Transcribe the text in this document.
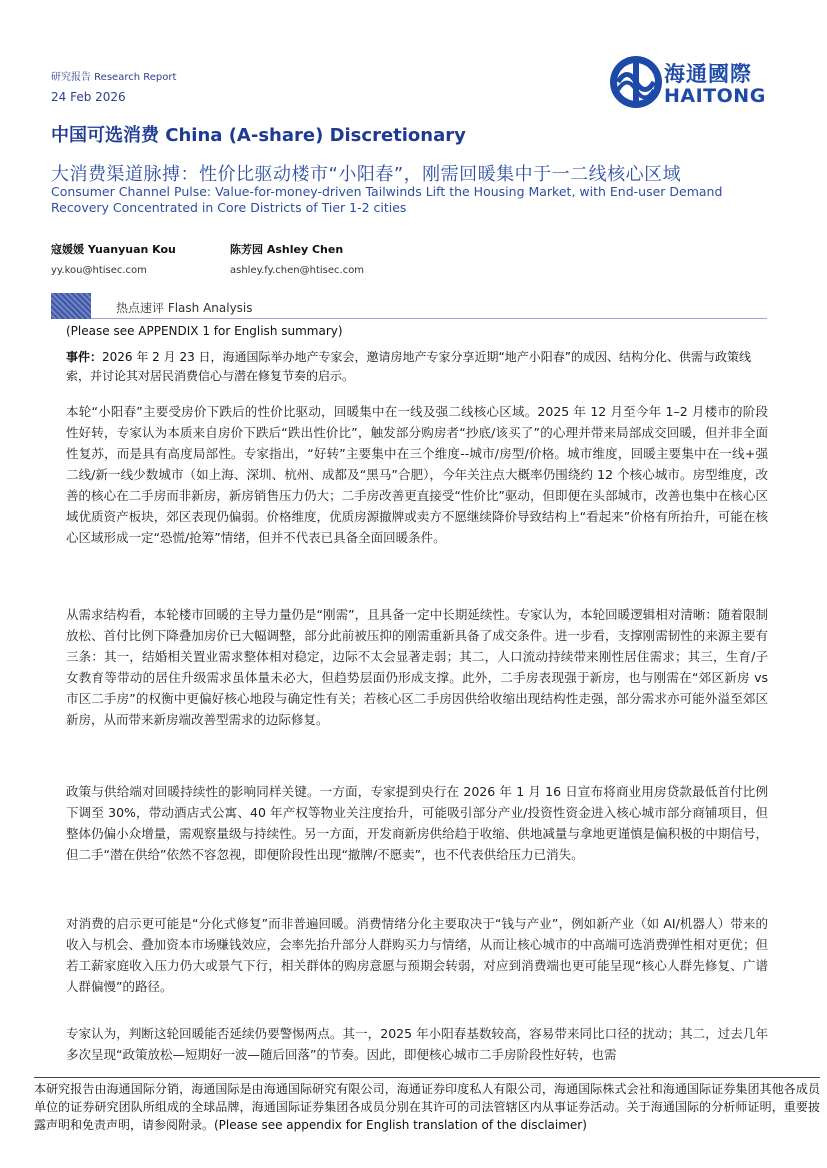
研究报告 Research Report
24 Feb 2026
海通國際
HAITONG
中国可选消费 China (A-share) Discretionary
大消费渠道脉搏：性价比驱动楼市“小阳春”，刚需回暖集中于一二线核心区域
Consumer Channel Pulse: Value-for-money-driven Tailwinds Lift the Housing Market, with End-user Demand Recovery Concentrated in Core Districts of Tier 1-2 cities
寇媛媛 Yuanyuan Kou
yy.kou@htisec.com
陈芳园 Ashley Chen
ashley.fy.chen@htisec.com
热点速评 Flash Analysis
(Please see APPENDIX 1 for English summary)
事件：2026 年 2 月 23 日，海通国际举办地产专家会，邀请房地产专家分享近期“地产小阳春”的成因、结构分化、供需与政策线索，并讨论其对居民消费信心与潜在修复节奏的启示。
本轮“小阳春”主要受房价下跌后的性价比驱动，回暖集中在一线及强二线核心区域。2025 年 12 月至今年 1–2 月楼市的阶段性好转，专家认为本质来自房价下跌后“跌出性价比”，触发部分购房者“抄底/该买了”的心理并带来局部成交回暖，但并非全面性复苏，而是具有高度局部性。专家指出，“好转”主要集中在三个维度--城市/房型/价格。城市维度，回暖主要集中在一线+强二线/新一线少数城市（如上海、深圳、杭州、成都及“黑马”合肥），今年关注点大概率仍围绕约 12 个核心城市。房型维度，改善的核心在二手房而非新房，新房销售压力仍大；二手房改善更直接受“性价比”驱动，但即便在头部城市，改善也集中在核心区域优质资产板块，郊区表现仍偏弱。价格维度，优质房源撤牌或卖方不愿继续降价导致结构上“看起来”价格有所抬升，可能在核心区域形成一定“恐慌/抢筹”情绪，但并不代表已具备全面回暖条件。
从需求结构看，本轮楼市回暖的主导力量仍是“刚需”，且具备一定中长期延续性。专家认为，本轮回暖逻辑相对清晰：随着限制放松、首付比例下降叠加房价已大幅调整，部分此前被压抑的刚需重新具备了成交条件。进一步看，支撑刚需韧性的来源主要有三条：其一，结婚相关置业需求整体相对稳定，边际不太会显著走弱；其二，人口流动持续带来刚性居住需求；其三，生育/子女教育等带动的居住升级需求虽体量未必大，但趋势层面仍形成支撑。此外，二手房表现强于新房，也与刚需在“郊区新房 vs 市区二手房”的权衡中更偏好核心地段与确定性有关；若核心区二手房因供给收缩出现结构性走强，部分需求亦可能外溢至郊区新房，从而带来新房端改善型需求的边际修复。
政策与供给端对回暖持续性的影响同样关键。一方面，专家提到央行在 2026 年 1 月 16 日宣布将商业用房贷款最低首付比例下调至 30%，带动酒店式公寓、40 年产权等物业关注度抬升，可能吸引部分产业/投资性资金进入核心城市部分商铺项目，但整体仍偏小众增量，需观察量级与持续性。另一方面，开发商新房供给趋于收缩、供地减量与拿地更谨慎是偏积极的中期信号，但二手“潜在供给”依然不容忽视，即便阶段性出现“撤牌/不愿卖”，也不代表供给压力已消失。
对消费的启示更可能是“分化式修复”而非普遍回暖。消费情绪分化主要取决于“钱与产业”，例如新产业（如 AI/机器人）带来的收入与机会、叠加资本市场赚钱效应，会率先抬升部分人群购买力与情绪，从而让核心城市的中高端可选消费弹性相对更优；但若工薪家庭收入压力仍大或景气下行，相关群体的购房意愿与预期会转弱，对应到消费端也更可能呈现“核心人群先修复、广谱人群偏慢”的路径。
专家认为，判断这轮回暖能否延续仍要警惕两点。其一，2025 年小阳春基数较高，容易带来同比口径的扰动；其二，过去几年多次呈现“政策放松—短期好一波—随后回落”的节奏。因此，即便核心城市二手房阶段性好转，也需
本研究报告由海通国际分销，海通国际是由海通国际研究有限公司，海通证券印度私人有限公司，海通国际株式会社和海通国际证券集团其他各成员单位的证券研究团队所组成的全球品牌，海通国际证券集团各成员分别在其许可的司法管辖区内从事证券活动。关于海通国际的分析师证明，重要披露声明和免责声明，请参阅附录。(Please see appendix for English translation of the disclaimer)
